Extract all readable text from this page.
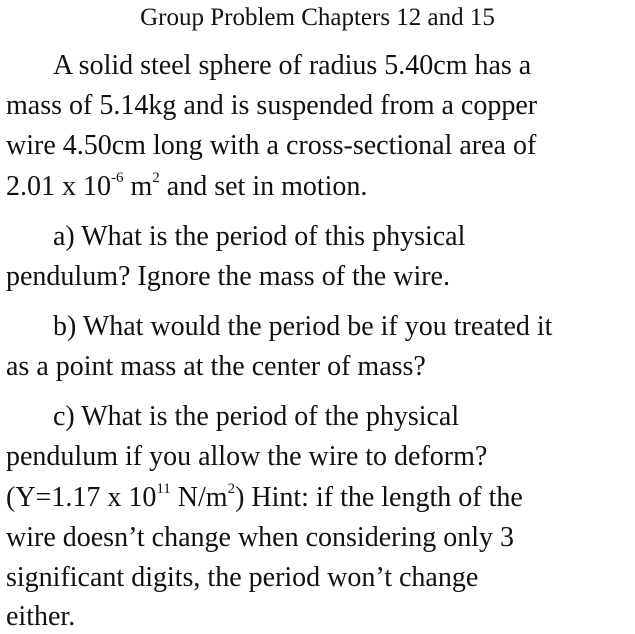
Group Problem Chapters 12 and 15
A solid steel sphere of radius 5.40cm has a
mass of 5.14kg and is suspended from a copper
wire 4.50cm long with a cross-sectional area of
2.01 x $10^{-6}$ $m^2$ and set in motion.
a) What is the period of this physical
pendulum? Ignore the mass of the wire.
b) What would the period be if you treated it
as a point mass at the center of mass?
c) What is the period of the physical
pendulum if you allow the wire to deform?
(Y=1.17 x $10^{11}$ $N/m^2$) Hint: if the length of the
wire doesn’t change when considering only 3
significant digits, the period won’t change
either.
